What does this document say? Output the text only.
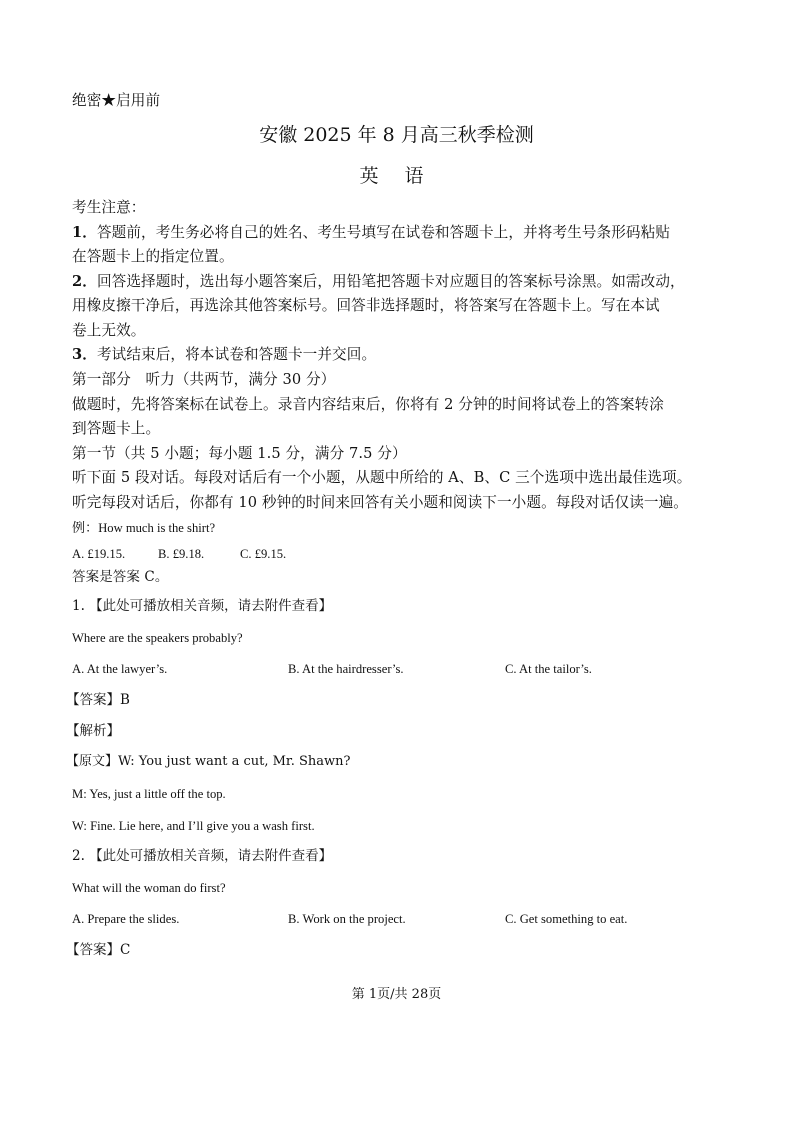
绝密★启用前
安徽 2025 年 8 月高三秋季检测
英 语
考生注意：
1．答题前，考生务必将自己的姓名、考生号填写在试卷和答题卡上，并将考生号条形码粘贴
在答题卡上的指定位置。
2．回答选择题时，选出每小题答案后，用铅笔把答题卡对应题目的答案标号涂黑。如需改动，
用橡皮擦干净后，再选涂其他答案标号。回答非选择题时，将答案写在答题卡上。写在本试
卷上无效。
3．考试结束后，将本试卷和答题卡一并交回。
第一部分　听力（共两节，满分 30 分）
做题时，先将答案标在试卷上。录音内容结束后，你将有 2 分钟的时间将试卷上的答案转涂
到答题卡上。
第一节（共 5 小题；每小题 1.5 分，满分 7.5 分）
听下面 5 段对话。每段对话后有一个小题，从题中所给的 A、B、C 三个选项中选出最佳选项。
听完每段对话后，你都有 10 秒钟的时间来回答有关小题和阅读下一小题。每段对话仅读一遍。
例：How much is the shirt?
A. £19.15.	B. £9.18.	C. £9.15.
答案是答案 C。
1. 【此处可播放相关音频，请去附件查看】
Where are the speakers probably?
A. At the lawyer’s.	B. At the hairdresser’s.	C. At the tailor’s.
【答案】B
【解析】
【原文】W: You just want a cut, Mr. Shawn?
M: Yes, just a little off the top.
W: Fine. Lie here, and I’ll give you a wash first.
2. 【此处可播放相关音频，请去附件查看】
What will the woman do first?
A. Prepare the slides.	B. Work on the project.	C. Get something to eat.
【答案】C
第 1页/共 28页
